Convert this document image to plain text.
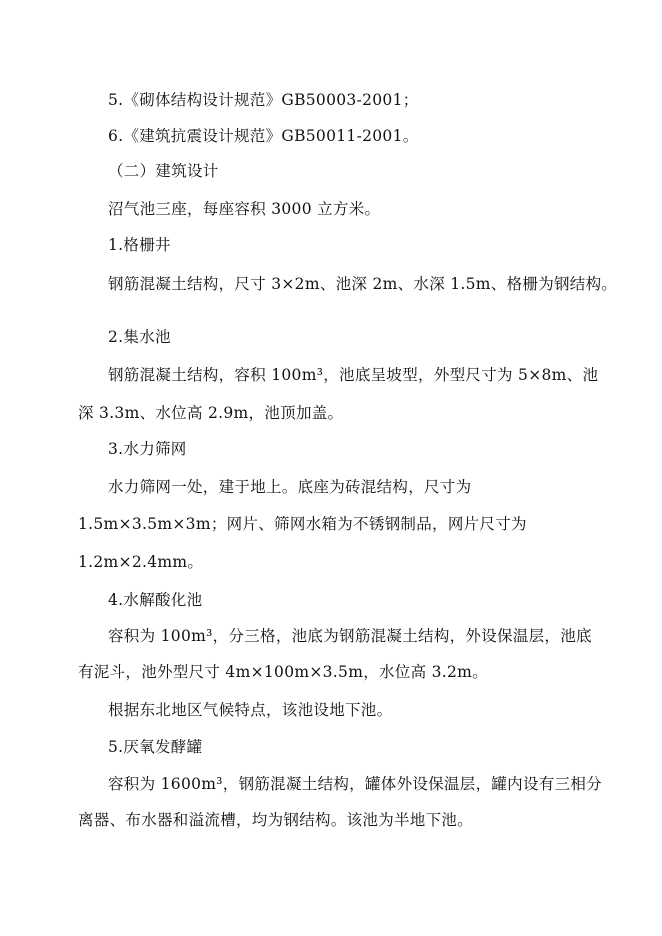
5.《砌体结构设计规范》GB50003-2001；
6.《建筑抗震设计规范》GB50011-2001。
（二）建筑设计
沼气池三座，每座容积 3000 立方米。
1.格栅井
钢筋混凝土结构，尺寸 3×2m、池深 2m、水深 1.5m、格栅为钢结构。
2.集水池
钢筋混凝土结构，容积 100m³，池底呈坡型，外型尺寸为 5×8m、池
深 3.3m、水位高 2.9m，池顶加盖。
3.水力筛网
水力筛网一处，建于地上。底座为砖混结构，尺寸为
1.5m×3.5m×3m；网片、筛网水箱为不锈钢制品，网片尺寸为
1.2m×2.4mm。
4.水解酸化池
容积为 100m³，分三格，池底为钢筋混凝土结构，外设保温层，池底
有泥斗，池外型尺寸 4m×100m×3.5m，水位高 3.2m。
根据东北地区气候特点，该池设地下池。
5.厌氧发酵罐
容积为 1600m³，钢筋混凝土结构，罐体外设保温层，罐内设有三相分
离器、布水器和溢流槽，均为钢结构。该池为半地下池。
